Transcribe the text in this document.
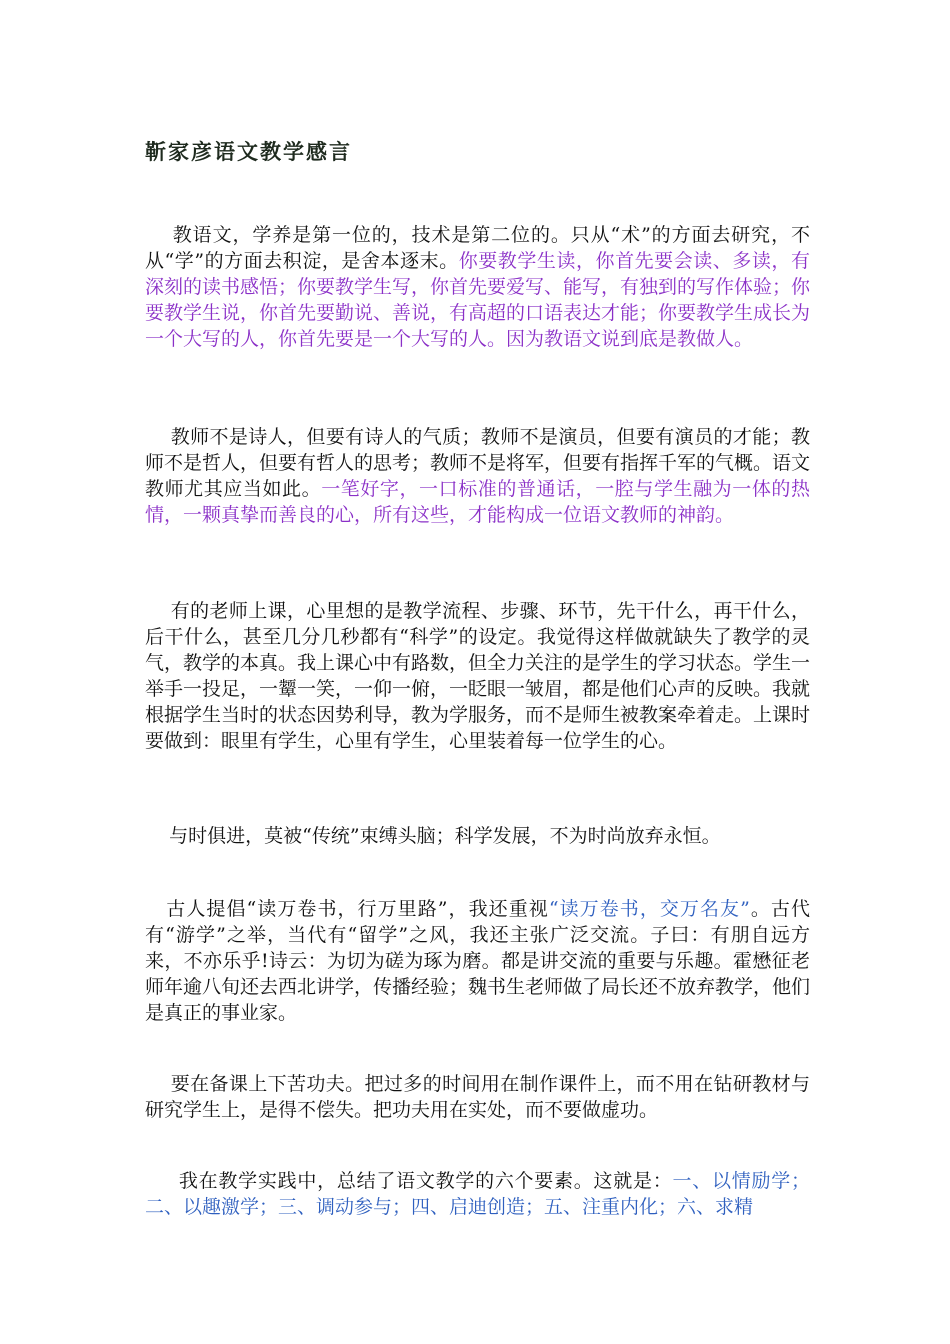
靳家彦语文教学感言
教语文，学养是第一位的，技术是第二位的。只从“术”的方面去研究，不从“学”的方面去积淀，是舍本逐末。你要教学生读，你首先要会读、多读，有深刻的读书感悟；你要教学生写，你首先要爱写、能写，有独到的写作体验；你要教学生说，你首先要勤说、善说，有高超的口语表达才能；你要教学生成长为一个大写的人，你首先要是一个大写的人。因为教语文说到底是教做人。
教师不是诗人，但要有诗人的气质；教师不是演员，但要有演员的才能；教师不是哲人，但要有哲人的思考；教师不是将军，但要有指挥千军的气概。语文教师尤其应当如此。一笔好字，一口标准的普通话，一腔与学生融为一体的热情，一颗真挚而善良的心，所有这些，才能构成一位语文教师的神韵。
有的老师上课，心里想的是教学流程、步骤、环节，先干什么，再干什么，后干什么，甚至几分几秒都有“科学”的设定。我觉得这样做就缺失了教学的灵气，教学的本真。我上课心中有路数，但全力关注的是学生的学习状态。学生一举手一投足，一颦一笑，一仰一俯，一眨眼一皱眉，都是他们心声的反映。我就根据学生当时的状态因势利导，教为学服务，而不是师生被教案牵着走。上课时要做到：眼里有学生，心里有学生，心里装着每一位学生的心。
与时俱进，莫被“传统”束缚头脑；科学发展，不为时尚放弃永恒。
古人提倡“读万卷书，行万里路”，我还重视“读万卷书，交万名友”。古代有“游学”之举，当代有“留学”之风，我还主张广泛交流。子曰：有朋自远方来，不亦乐乎!诗云：为切为磋为琢为磨。都是讲交流的重要与乐趣。霍懋征老师年逾八旬还去西北讲学，传播经验；魏书生老师做了局长还不放弃教学，他们是真正的事业家。
要在备课上下苦功夫。把过多的时间用在制作课件上，而不用在钻研教材与研究学生上，是得不偿失。把功夫用在实处，而不要做虚功。
我在教学实践中，总结了语文教学的六个要素。这就是：一、以情励学；二、以趣激学；三、调动参与；四、启迪创造；五、注重内化；六、求精
